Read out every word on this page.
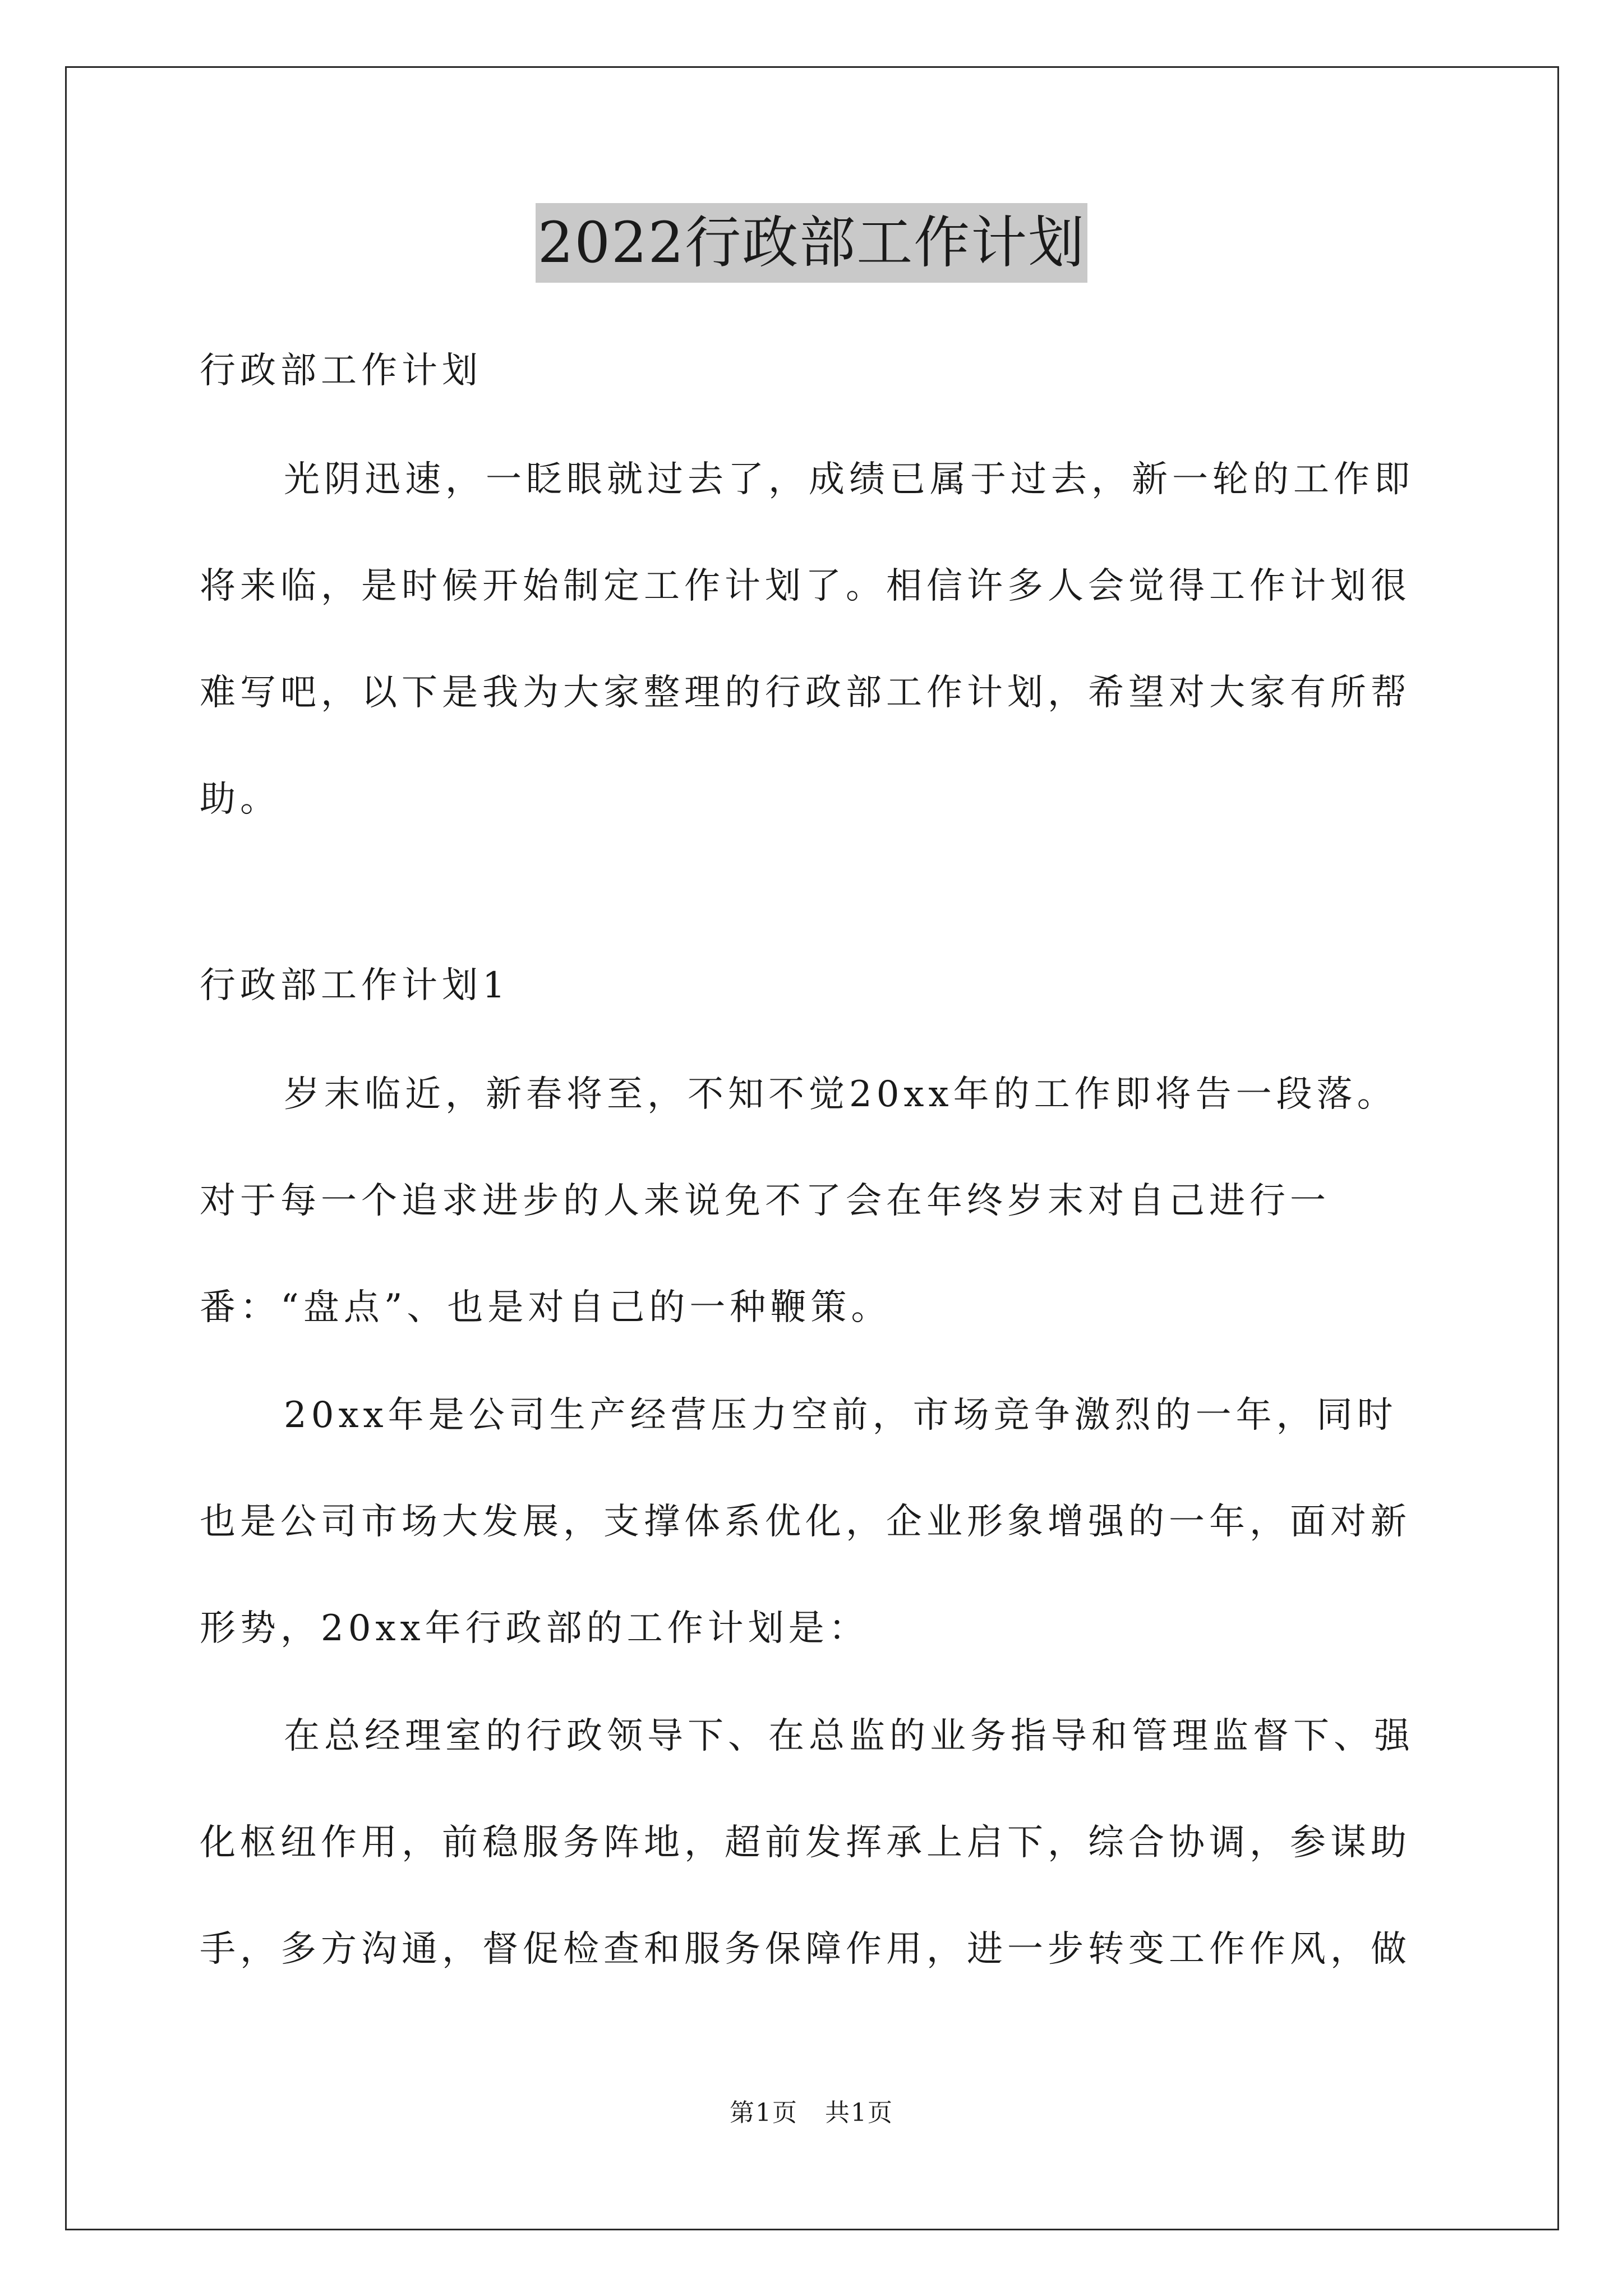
2022行政部工作计划
行政部工作计划
光阴迅速，一眨眼就过去了，成绩已属于过去，新一轮的工作即将来临，是时候开始制定工作计划了。相信许多人会觉得工作计划很难写吧，以下是我为大家整理的行政部工作计划，希望对大家有所帮助。
行政部工作计划1
岁末临近，新春将至，不知不觉20xx年的工作即将告一段落。对于每一个追求进步的人来说免不了会在年终岁末对自己进行一番：“盘点”、也是对自己的一种鞭策。
20xx年是公司生产经营压力空前，市场竞争激烈的一年，同时也是公司市场大发展，支撑体系优化，企业形象增强的一年，面对新形势，20xx年行政部的工作计划是：
在总经理室的行政领导下、在总监的业务指导和管理监督下、强化枢纽作用，前稳服务阵地，超前发挥承上启下，综合协调，参谋助手，多方沟通，督促检查和服务保障作用，进一步转变工作作风，做
第1页 共1页
